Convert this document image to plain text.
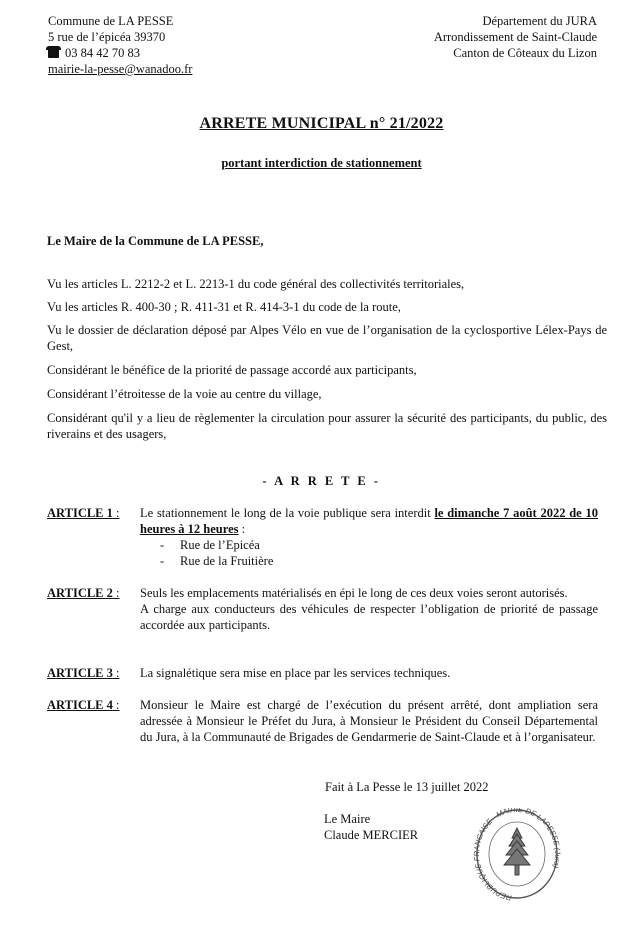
Commune de LA PESSE
5 rue de l’épicéa 39370
03 84 42 70 83
mairie-la-pesse@wanadoo.fr
Département du JURA
Arrondissement de Saint-Claude
Canton de Côteaux du Lizon
ARRETE MUNICIPAL n° 21/2022
portant interdiction de stationnement
Le Maire de la Commune de LA PESSE,
Vu les articles L. 2212-2 et L. 2213-1 du code général des collectivités territoriales,
Vu les articles R. 400-30 ; R. 411-31 et R. 414-3-1 du code de la route,
Vu le dossier de déclaration déposé par Alpes Vélo en vue de l’organisation de la cyclosportive Lélex-Pays de Gest,
Considérant le bénéfice de la priorité de passage accordé aux participants,
Considérant l’étroitesse de la voie au centre du village,
Considérant qu'il y a lieu de règlementer la circulation pour assurer la sécurité des participants, du public, des riverains et des usagers,
- A R R E T E -
ARTICLE 1 : Le stationnement le long de la voie publique sera interdit le dimanche 7 août 2022 de 10 heures à 12 heures :
- Rue de l’Epicéa
- Rue de la Fruitière
ARTICLE 2 : Seuls les emplacements matérialisés en épi le long de ces deux voies seront autorisés.

A charge aux conducteurs des véhicules de respecter l’obligation de priorité de passage accordée aux participants.

ARTICLE 3 : La signalétique sera mise en place par les services techniques.

ARTICLE 4 : Monsieur le Maire est chargé de l’exécution du présent arrêté, dont ampliation sera adressée à Monsieur le Préfet du Jura, à Monsieur le Président du Conseil Départemental du Jura, à la Communauté de Brigades de Gendarmerie de Saint-Claude et à l’organisateur.

Fait à La Pesse le 13 juillet 2022
Le Maire
Claude MERCIER
REPUBLIQUE F ANCAISE · MAIRIE DE LAPESSE ( ra)
